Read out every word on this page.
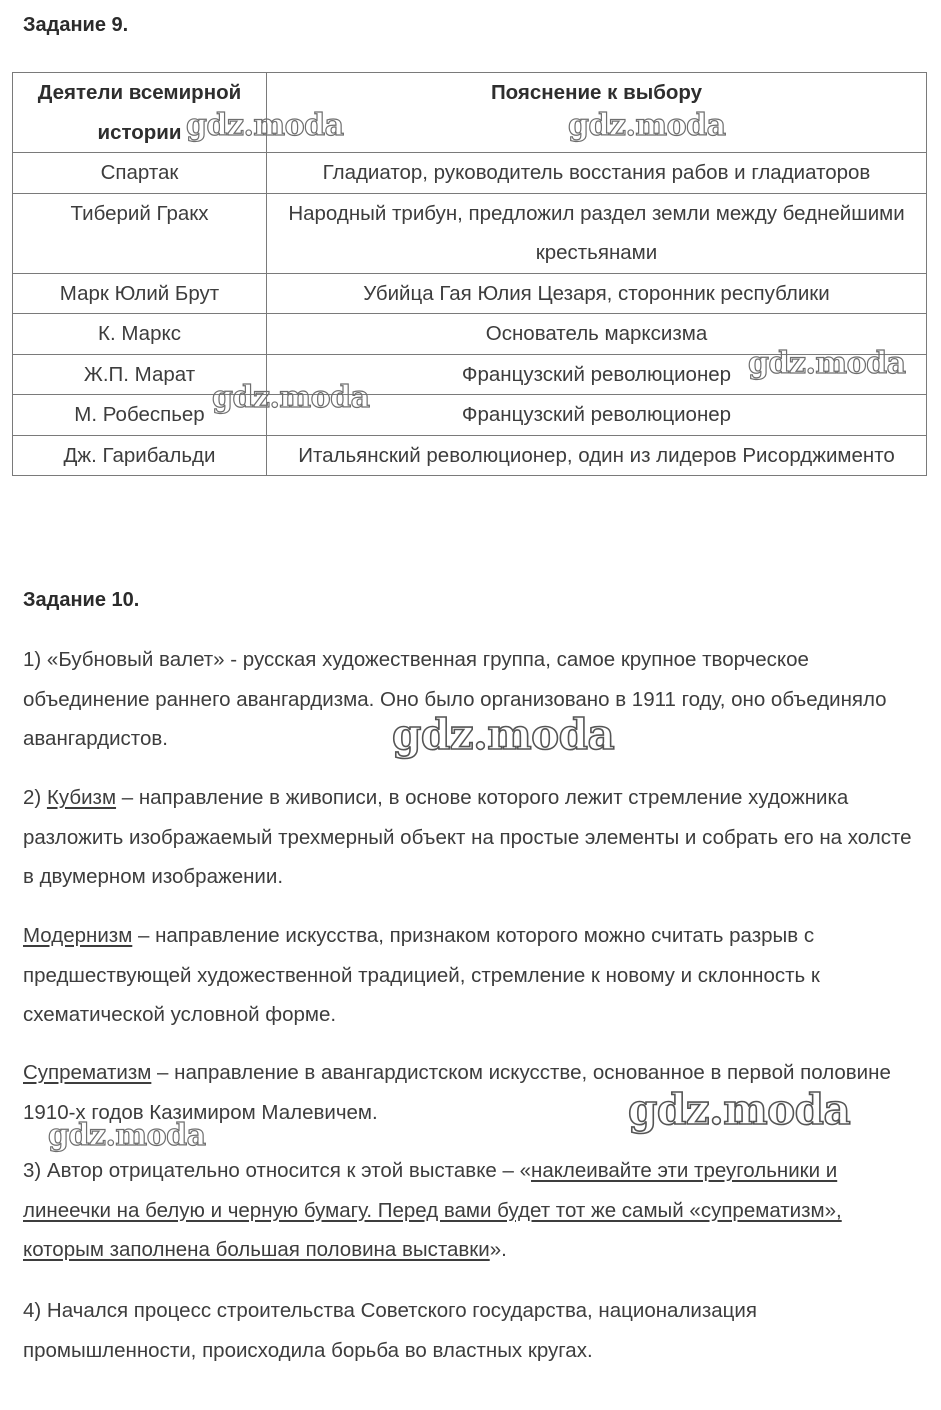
Задание 9.
Деятели всемирной истории	Пояснение к выбору
Спартак	Гладиатор, руководитель восстания рабов и гладиаторов
Тиберий Гракх	Народный трибун, предложил раздел земли между беднейшими крестьянами
Марк Юлий Брут	Убийца Гая Юлия Цезаря, сторонник республики
К. Маркс	Основатель марксизма
Ж.П. Марат	Французский революционер
М. Робеспьер	Французский революционер
Дж. Гарибальди	Итальянский революционер, один из лидеров Рисорджименто
Задание 10.

1) «Бубновый валет» - русская художественная группа, самое крупное творческое объединение раннего авангардизма. Оно было организовано в 1911 году, оно объединяло авангардистов.

2) Кубизм – направление в живописи, в основе которого лежит стремление художника разложить изображаемый трехмерный объект на простые элементы и собрать его на холсте в двумерном изображении.

Модернизм – направление искусства, признаком которого можно считать разрыв с предшествующей художественной традицией, стремление к новому и склонность к схематической условной форме.

Супрематизм – направление в авангардистском искусстве, основанное в первой половине 1910-х годов Казимиром Малевичем.

3) Автор отрицательно относится к этой выставке – «наклеивайте эти треугольники и линеечки на белую и черную бумагу. Перед вами будет тот же самый «супрематизм», которым заполнена большая половина выставки».

4) Начался процесс строительства Советского государства, национализация промышленности, происходила борьба во властных кругах.

gdz.moda	gdz.moda
gdz.moda
gdz.moda
gdz.moda
gdz.moda
gdz.moda
